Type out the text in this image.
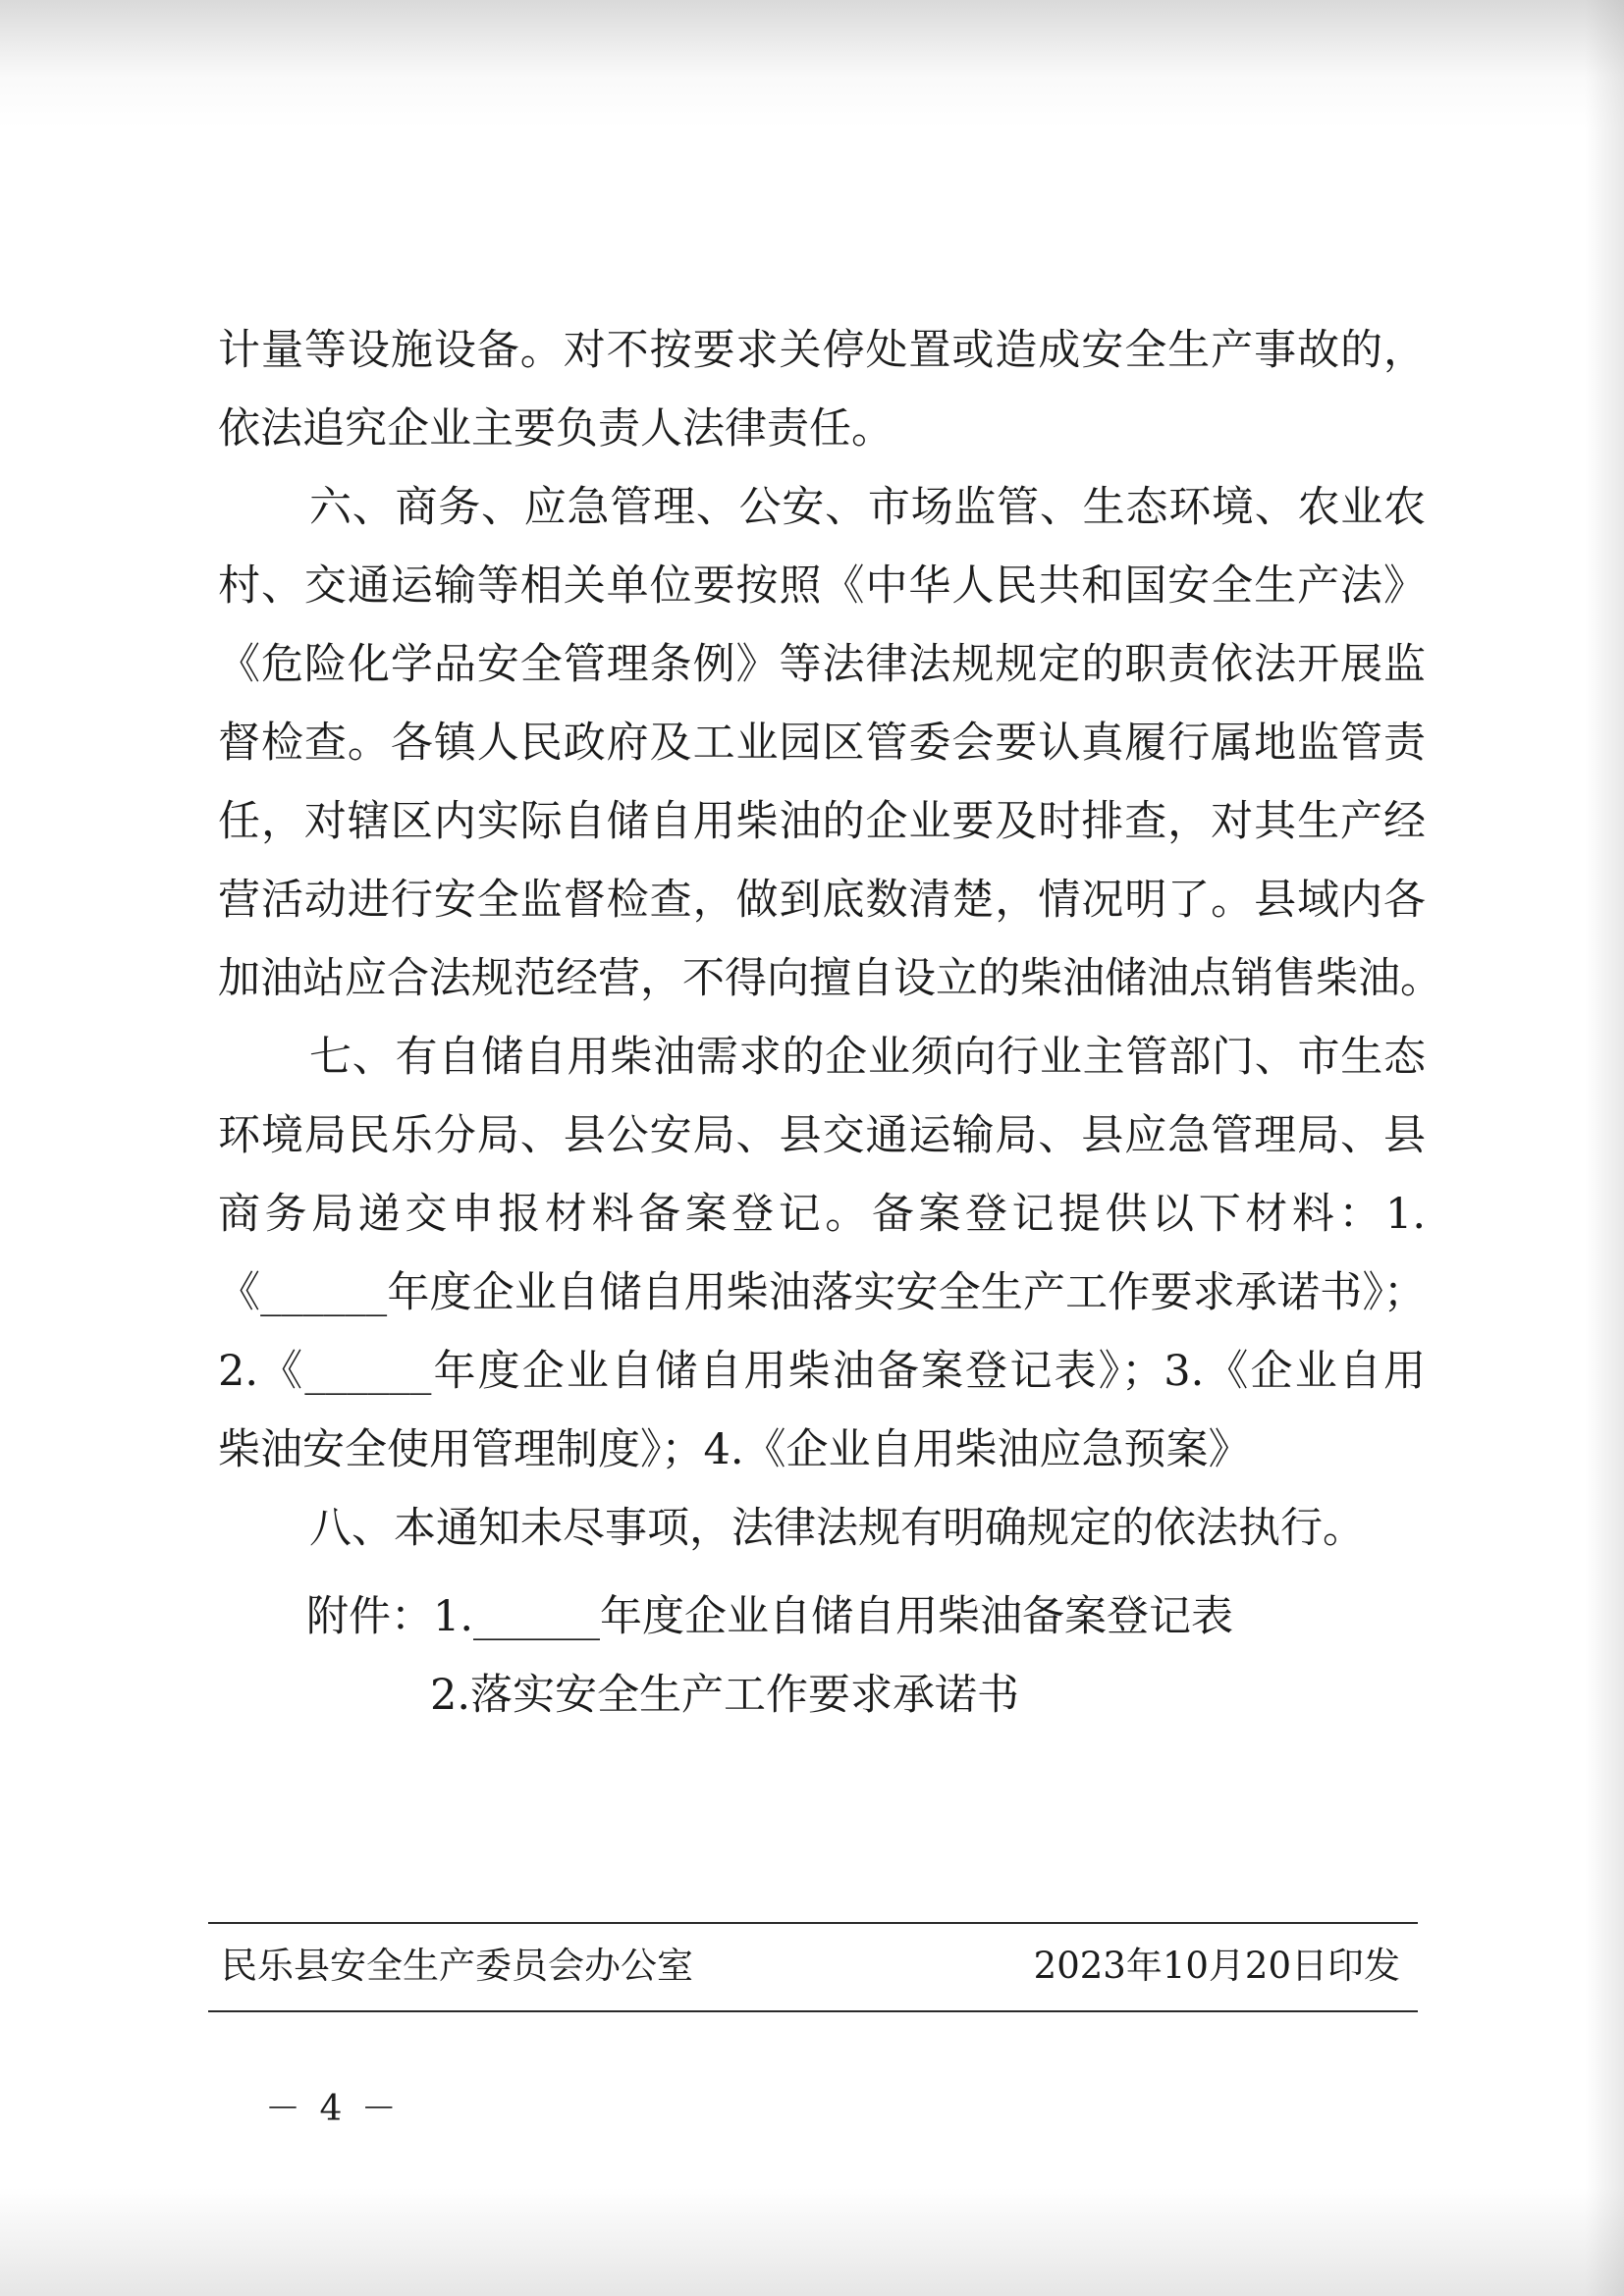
计量等设施设备。对不按要求关停处置或造成安全生产事故的，
依法追究企业主要负责人法律责任。
六、商务、应急管理、公安、市场监管、生态环境、农业农
村、交通运输等相关单位要按照《中华人民共和国安全生产法》
《危险化学品安全管理条例》等法律法规规定的职责依法开展监
督检查。各镇人民政府及工业园区管委会要认真履行属地监管责
任，对辖区内实际自储自用柴油的企业要及时排查，对其生产经
营活动进行安全监督检查，做到底数清楚，情况明了。县域内各
加油站应合法规范经营，不得向擅自设立的柴油储油点销售柴油。
七、有自储自用柴油需求的企业须向行业主管部门、市生态
环境局民乐分局、县公安局、县交通运输局、县应急管理局、县
商务局递交申报材料备案登记。备案登记提供以下材料：1.
《______年度企业自储自用柴油落实安全生产工作要求承诺书》；
2.《______年度企业自储自用柴油备案登记表》；3.《企业自用
柴油安全使用管理制度》；4.《企业自用柴油应急预案》
八、本通知未尽事项，法律法规有明确规定的依法执行。
附件：1.______年度企业自储自用柴油备案登记表
2.落实安全生产工作要求承诺书
民乐县安全生产委员会办公室	2023年10月20日印发
－ 4 －
